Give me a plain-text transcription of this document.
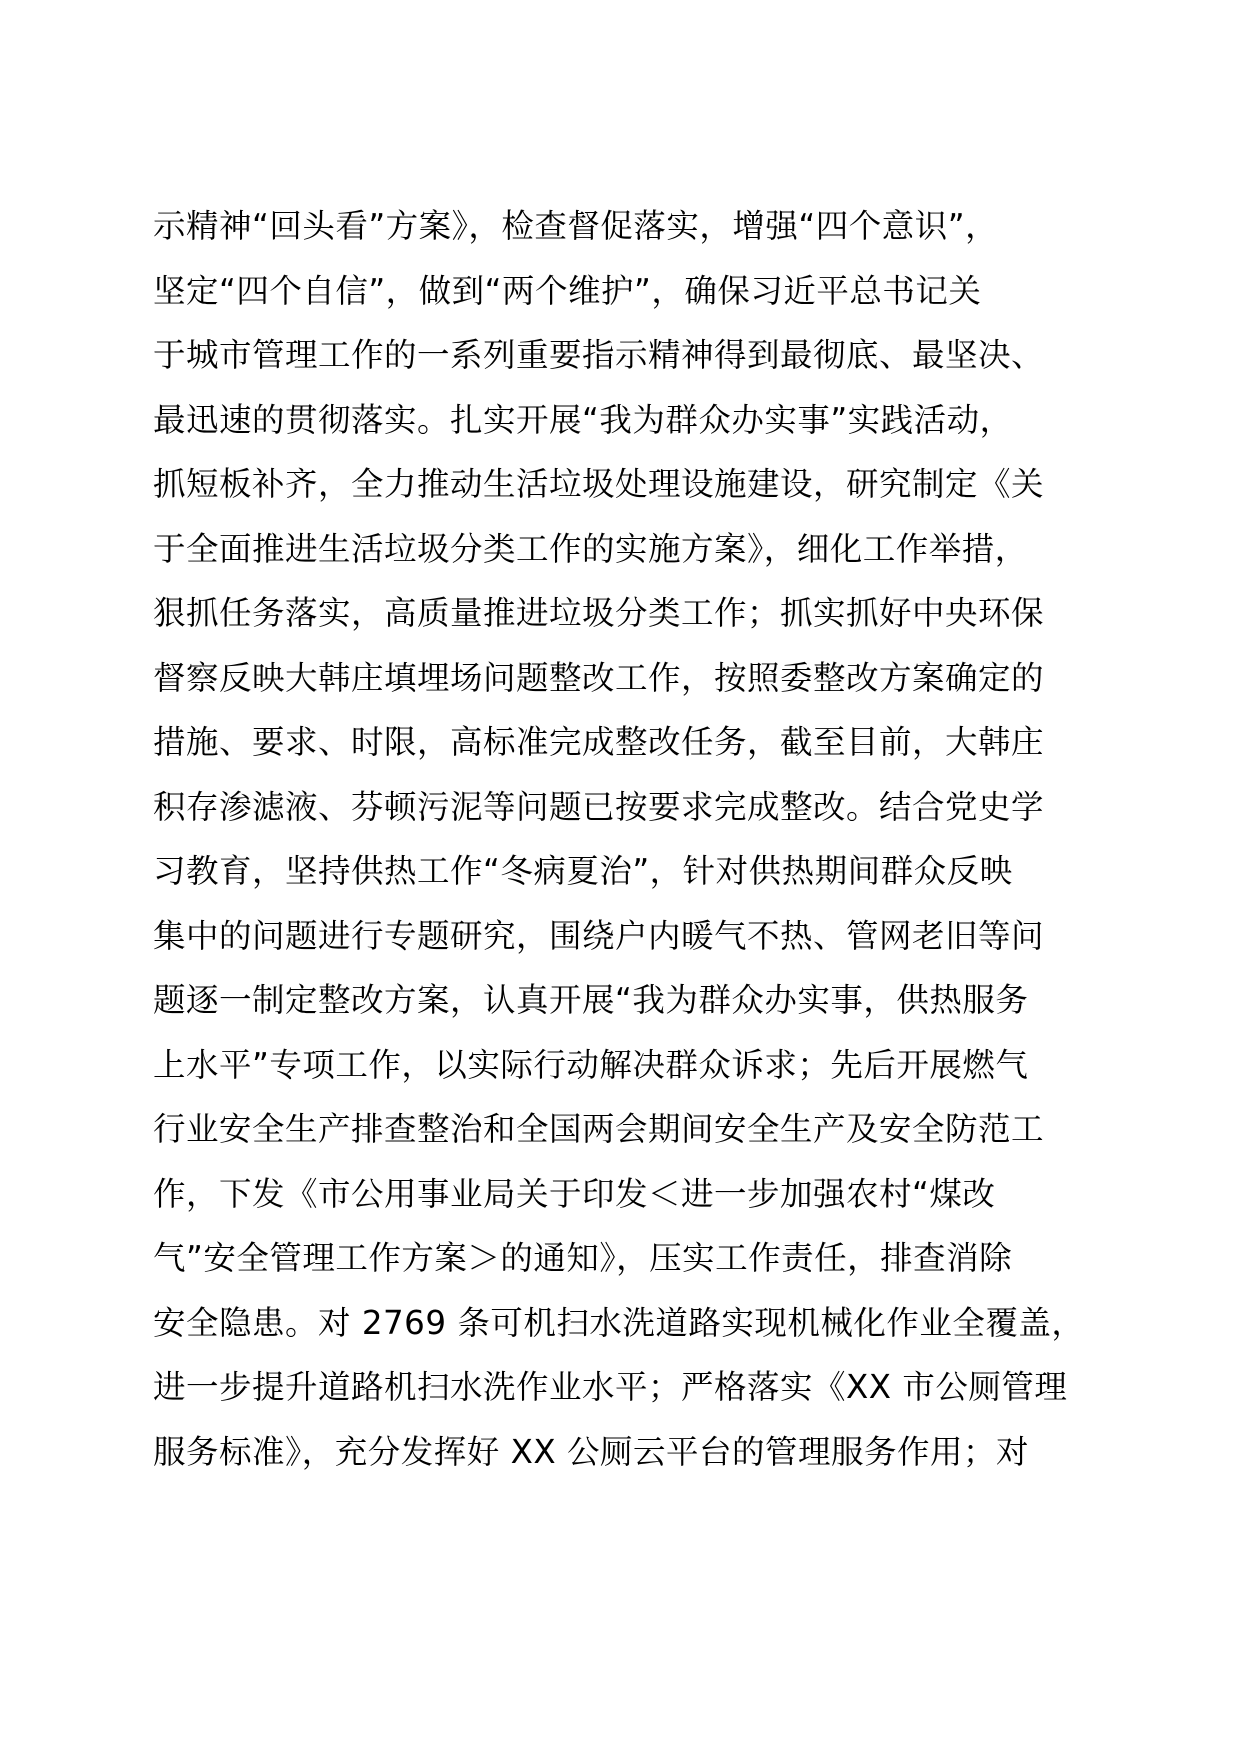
示精神“回头看”方案》，检查督促落实，增强“四个意识”，
坚定“四个自信”，做到“两个维护”，确保习近平总书记关
于城市管理工作的一系列重要指示精神得到最彻底、最坚决、
最迅速的贯彻落实。扎实开展“我为群众办实事”实践活动，
抓短板补齐，全力推动生活垃圾处理设施建设，研究制定《关
于全面推进生活垃圾分类工作的实施方案》，细化工作举措，
狠抓任务落实，高质量推进垃圾分类工作；抓实抓好中央环保
督察反映大韩庄填埋场问题整改工作，按照委整改方案确定的
措施、要求、时限，高标准完成整改任务，截至目前，大韩庄
积存渗滤液、芬顿污泥等问题已按要求完成整改。结合党史学
习教育，坚持供热工作“冬病夏治”，针对供热期间群众反映
集中的问题进行专题研究，围绕户内暖气不热、管网老旧等问
题逐一制定整改方案，认真开展“我为群众办实事，供热服务
上水平”专项工作，以实际行动解决群众诉求；先后开展燃气
行业安全生产排查整治和全国两会期间安全生产及安全防范工
作，下发《市公用事业局关于印发＜进一步加强农村“煤改
气”安全管理工作方案＞的通知》，压实工作责任，排查消除
安全隐患。对 2769 条可机扫水洗道路实现机械化作业全覆盖，
进一步提升道路机扫水洗作业水平；严格落实《XX 市公厕管理
服务标准》，充分发挥好 XX 公厕云平台的管理服务作用；对
